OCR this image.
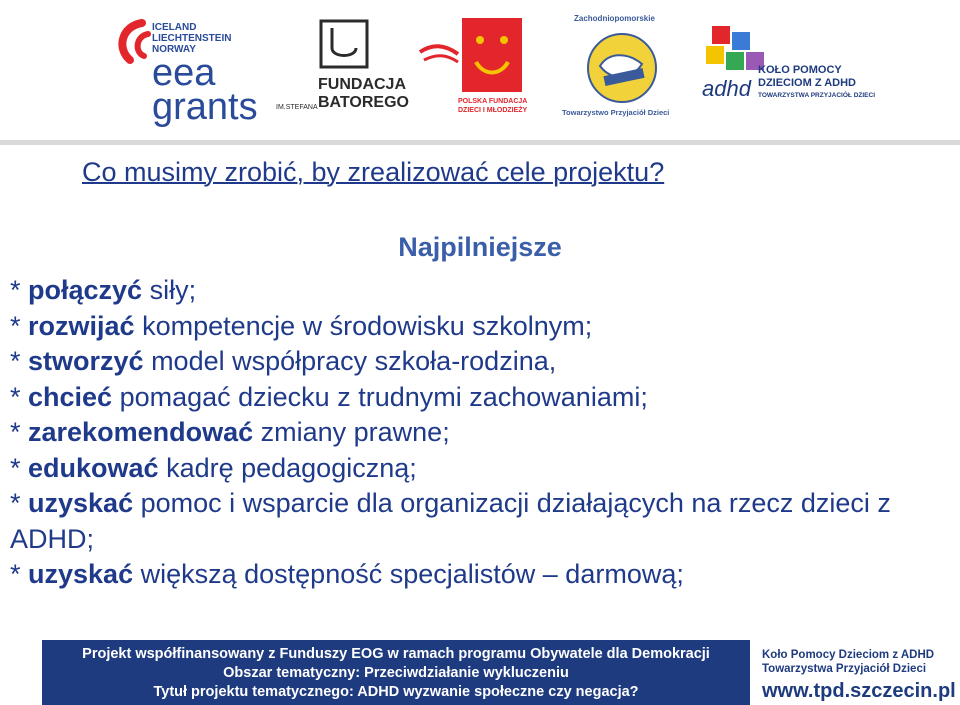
ICELAND
LIECHTENSTEIN
NORWAY
eea
grants
FUNDACJA
BATOREGO
IM.STEFANA
POLSKA FUNDACJA
DZIECI I MŁODZIEŻY
Zachodniopomorskie
Towarzystwo Przyjaciół Dzieci
adhd
KOŁO POMOCY
DZIECIOM Z ADHD
TOWARZYSTWA PRZYJACIÓŁ DZIECI
Co musimy zrobić, by zrealizować cele projektu?
Najpilniejsze
* połączyć siły;
* rozwijać kompetencje w środowisku szkolnym;
* stworzyć model współpracy szkoła-rodzina,
* chcieć pomagać dziecku z trudnymi zachowaniami;
* zarekomendować zmiany prawne;
* edukować kadrę pedagogiczną;
* uzyskać pomoc i wsparcie dla organizacji działających na rzecz dzieci z ADHD;
* uzyskać większą dostępność specjalistów – darmową;
Projekt współfinansowany z Funduszy EOG w ramach programu Obywatele dla Demokracji
Obszar tematyczny: Przeciwdziałanie wykluczeniu
Tytuł projektu tematycznego: ADHD wyzwanie społeczne czy negacja?
Koło Pomocy Dzieciom z ADHD
Towarzystwa Przyjaciół Dzieci
www.tpd.szczecin.pl
